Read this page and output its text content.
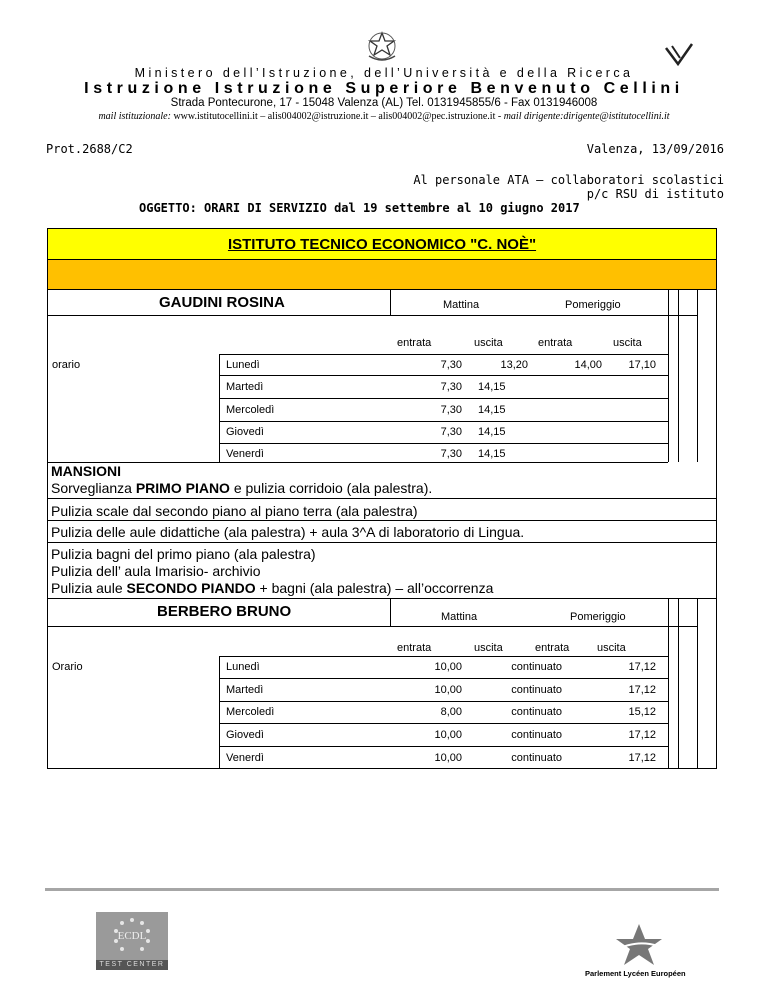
Ministero dell’Istruzione, dell’Università e della Ricerca
Istruzione Istruzione Superiore Benvenuto Cellini
Strada Pontecurone, 17 - 15048 Valenza (AL) Tel. 0131945855/6 - Fax 0131946008
mail istituzionale: www.istitutocellini.it – alis004002@istruzione.it – alis004002@pec.istruzione.it - mail dirigente:dirigente@istitutocellini.it
Prot.2688/C2	Valenza, 13/09/2016
Al personale ATA – collaboratori scolastici
p/c RSU di istituto
OGGETTO: ORARI DI SERVIZIO dal 19 settembre al 10 giugno 2017
ISTITUTO TECNICO ECONOMICO "C. NOÈ"
GAUDINI ROSINA	Mattina	Pomeriggio
entrata	uscita	entrata	uscita
orario	Lunedì	7,30	13,20	14,00	17,10
Martedì	7,30 14,15
Mercoledì	7,30 14,15
Giovedì	7,30 14,15
Venerdì	7,30 14,15
MANSIONI
Sorveglianza PRIMO PIANO e pulizia corridoio (ala palestra).
Pulizia scale dal secondo piano al piano terra (ala palestra)
Pulizia delle aule didattiche (ala palestra) + aula 3^A di laboratorio di Lingua.
Pulizia bagni del primo piano (ala palestra)
Pulizia dell’ aula Imarisio- archivio
Pulizia aule SECONDO PIANDO + bagni (ala palestra) – all’occorrenza
BERBERO BRUNO	Mattina	Pomeriggio
entrata	uscita	entrata	uscita
Orario	Lunedì	10,00	continuato	17,12
Martedì	10,00	continuato	17,12
Mercoledì	8,00	continuato	15,12
Giovedì	10,00	continuato	17,12
Venerdì	10,00	continuato	17,12
ECDL
TEST CENTER
Parlement Lycéen Européen
